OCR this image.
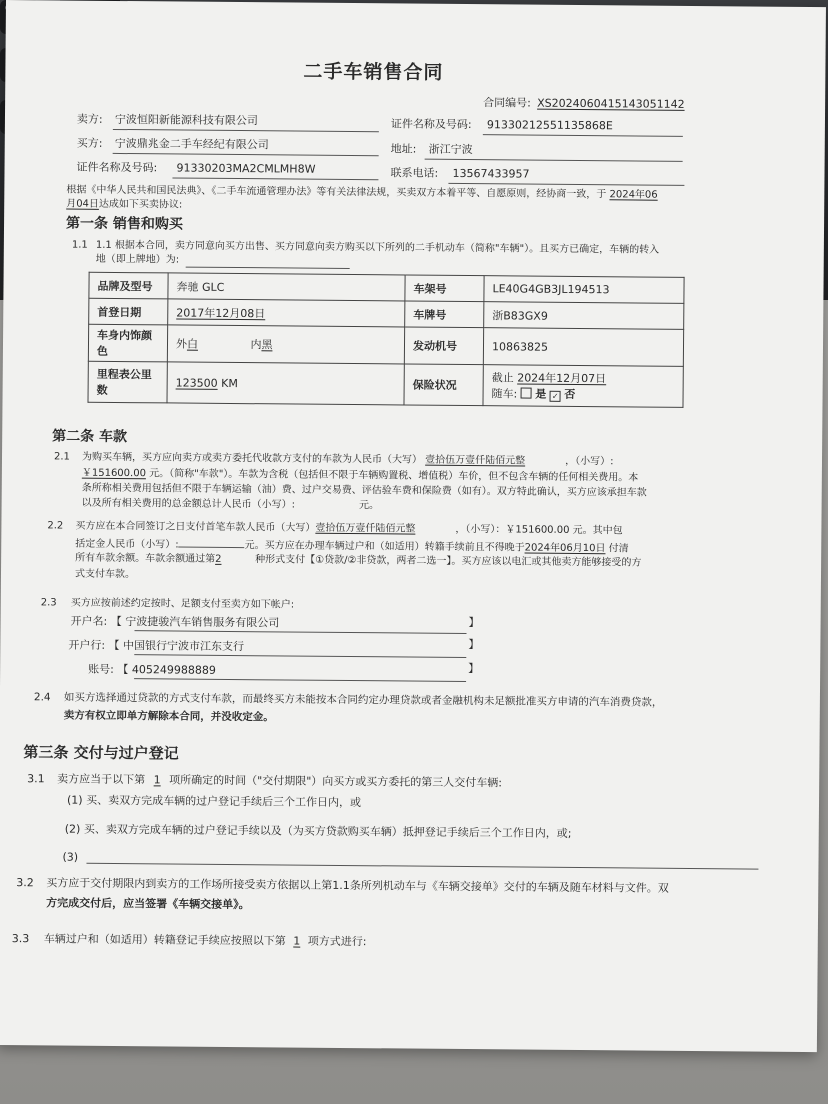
二手车销售合同
合同编号: XS2024060415143051142
卖方: 宁波恒阳新能源科技有限公司	证件名称及号码: 91330212551135868E
买方: 宁波鼎兆金二手车经纪有限公司	地址: 浙江宁波
证件名称及号码: 91330203MA2CMLMH8W	联系电话: 13567433957
根据《中华人民共和国民法典》、《二手车流通管理办法》等有关法律法规，买卖双方本着平等、自愿原则，经协商一致，于 2024年06
月04日达成如下买卖协议:
第一条 销售和购买
1.1 1.1 根据本合同，卖方同意向买方出售、买方同意向卖方购买以下所列的二手机动车（简称"车辆"）。且买方已确定，车辆的转入
地（即上牌地）为:
品牌及型号	奔驰 GLC	车架号	LE40G4GB3JL194513
首登日期	2017年12月08日	车牌号	浙B83GX9
车身内饰颜色	外白 内黑	发动机号	10863825
里程表公里数	123500 KM	保险状况	截止 2024年12月07日
随车: 是 ✓ 否
第二条 车款
2.1 为购买车辆，买方应向卖方或卖方委托代收款方支付的车款为人民币（大写） 壹拾伍万壹仟陆佰元整	，（小写）:
￥151600.00 元。（简称"车款"）。车款为含税（包括但不限于车辆购置税、增值税）车价，但不包含车辆的任何相关费用。本
条所称相关费用包括但不限于车辆运输（油）费、过户交易费、评估验车费和保险费（如有）。双方特此确认，买方应该承担车款
以及所有相关费用的总金额总计人民币（小写）:	元。
2.2 买方应在本合同签订之日支付首笔车款人民币（大写）壹拾伍万壹仟陆佰元整	，（小写）：￥151600.00 元。其中包
括定金人民币（小写）:	元。买方应在办理车辆过户和（如适用）转籍手续前且不得晚于2024年06月10日 付清
所有车款余额。车款余额通过第2	种形式支付【①贷款/②非贷款，两者二选一】。买方应该以电汇或其他卖方能够接受的方
式支付车款。
2.3 买方应按前述约定按时、足额支付至卖方如下帐户:
开户名: 【 宁波捷骏汽车销售服务有限公司	】
开户行: 【 中国银行宁波市江东支行	】
账号: 【 405249988889	】
2.4 如买方选择通过贷款的方式支付车款，而最终买方未能按本合同约定办理贷款或者金融机构未足额批准买方申请的汽车消费贷款，
卖方有权立即单方解除本合同，并没收定金。
第三条 交付与过户登记
3.1 卖方应当于以下第 1 项所确定的时间（"交付期限"）向买方或买方委托的第三人交付车辆:
(1) 买、卖双方完成车辆的过户登记手续后三个工作日内，或
(2) 买、卖双方完成车辆的过户登记手续以及（为买方贷款购买车辆）抵押登记手续后三个工作日内，或;
(3)
3.2 买方应于交付期限内到卖方的工作场所接受卖方依据以上第1.1条所列机动车与《车辆交接单》交付的车辆及随车材料与文件。双
方完成交付后，应当签署《车辆交接单》。
3.3 车辆过户和（如适用）转籍登记手续应按照以下第 1 项方式进行:
